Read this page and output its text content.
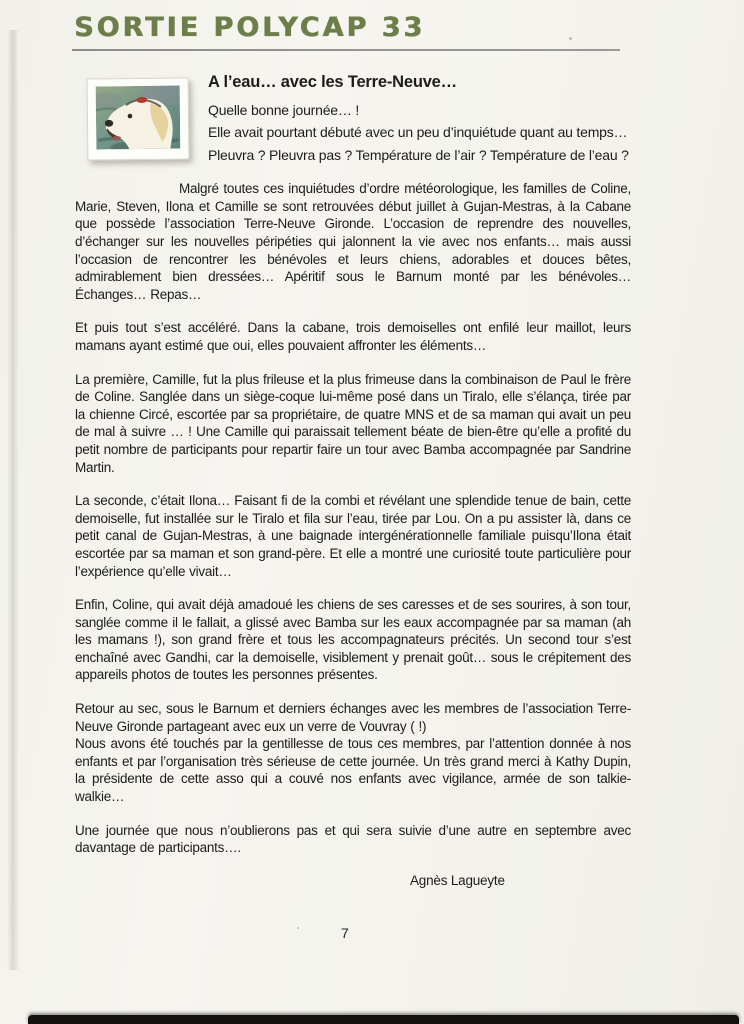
SORTIE POLYCAP 33
A l’eau… avec les Terre-Neuve…

Quelle bonne journée… !

Elle avait pourtant débuté avec un peu d’inquiétude quant au temps…

Pleuvra ? Pleuvra pas ? Température de l’air ? Température de l’eau ?

Malgré toutes ces inquiétudes d’ordre météorologique, les familles de Coline, Marie, Steven, Ilona et Camille se sont retrouvées début juillet à Gujan-Mestras, à la Cabane que possède l’association Terre-Neuve Gironde. L’occasion de reprendre des nouvelles, d’échanger sur les nouvelles péripéties qui jalonnent la vie avec nos enfants… mais aussi l’occasion de rencontrer les bénévoles et leurs chiens, adorables et douces bêtes, admirablement bien dressées… Apéritif sous le Barnum monté par les bénévoles… Échanges… Repas…

Et puis tout s’est accéléré. Dans la cabane, trois demoiselles ont enfilé leur maillot, leurs mamans ayant estimé que oui, elles pouvaient affronter les éléments…

La première, Camille, fut la plus frileuse et la plus frimeuse dans la combinaison de Paul le frère de Coline. Sanglée dans un siège-coque lui-même posé dans un Tiralo, elle s’élança, tirée par la chienne Circé, escortée par sa propriétaire, de quatre MNS et de sa maman qui avait un peu de mal à suivre … ! Une Camille qui paraissait tellement béate de bien-être qu’elle a profité du petit nombre de participants pour repartir faire un tour avec Bamba accompagnée par Sandrine Martin.

La seconde, c’était Ilona… Faisant fi de la combi et révélant une splendide tenue de bain, cette demoiselle, fut installée sur le Tiralo et fila sur l’eau, tirée par Lou. On a pu assister là, dans ce petit canal de Gujan-Mestras, à une baignade intergénérationnelle familiale puisqu’Ilona était escortée par sa maman et son grand-père. Et elle a montré une curiosité toute particulière pour l’expérience qu’elle vivait…

Enfin, Coline, qui avait déjà amadoué les chiens de ses caresses et de ses sourires, à son tour, sanglée comme il le fallait, a glissé avec Bamba sur les eaux accompagnée par sa maman (ah les mamans !), son grand frère et tous les accompagnateurs précités. Un second tour s’est enchaîné avec Gandhi, car la demoiselle, visiblement y prenait goût… sous le crépitement des appareils photos de toutes les personnes présentes.

Retour au sec, sous le Barnum et derniers échanges avec les membres de l’association Terre-Neuve Gironde partageant avec eux un verre de Vouvray ( !)

Nous avons été touchés par la gentillesse de tous ces membres, par l’attention donnée à nos enfants et par l’organisation très sérieuse de cette journée. Un très grand merci à Kathy Dupin, la présidente de cette asso qui a couvé nos enfants avec vigilance, armée de son talkie-walkie…

Une journée que nous n’oublierons pas et qui sera suivie d’une autre en septembre avec davantage de participants….

Agnès Lagueyte

7
